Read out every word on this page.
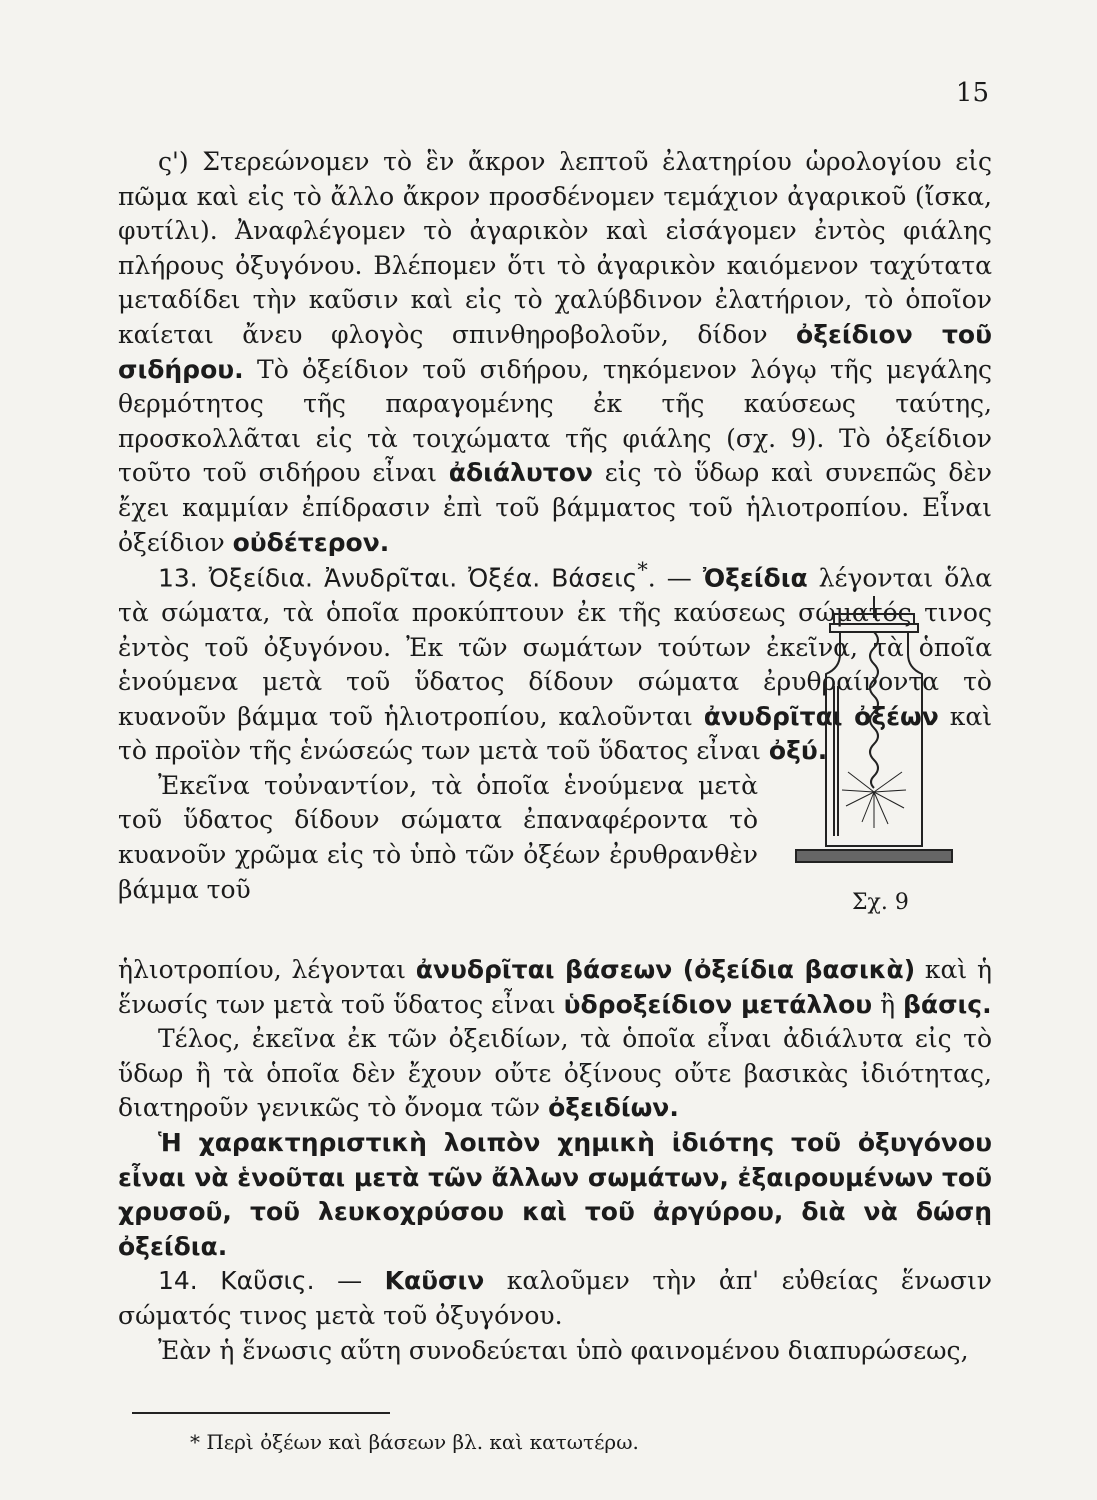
15

ς') Στερεώνομεν τὸ ἓν ἄκρον λεπτοῦ ἐλατηρίου ὡρολογίου εἰς πῶμα καὶ εἰς τὸ ἄλλο ἄκρον προσδένομεν τεμάχιον ἀγαρικοῦ (ἴσκα, φυτίλι). Ἀναφλέγομεν τὸ ἀγαρικὸν καὶ εἰσάγομεν ἐντὸς φιάλης πλήρους ὀξυγόνου. Βλέπομεν ὅτι τὸ ἀγαρικὸν καιόμενον ταχύτατα μεταδίδει τὴν καῦσιν καὶ εἰς τὸ χαλύβδινον ἐλατήριον, τὸ ὁποῖον καίεται ἄνευ φλογὸς σπινθηροβολοῦν, δίδον ὀξείδιον τοῦ σιδήρου. Τὸ ὀξείδιον τοῦ σιδήρου, τηκόμενον λόγῳ τῆς μεγάλης θερμότητος τῆς παραγομένης ἐκ τῆς καύσεως ταύτης, προσκολλᾶται εἰς τὰ τοιχώματα τῆς φιάλης (σχ. 9). Τὸ ὀξείδιον τοῦτο τοῦ σιδήρου εἶναι ἀδιάλυτον εἰς τὸ ὕδωρ καὶ συνεπῶς δὲν ἔχει καμμίαν ἐπίδρασιν ἐπὶ τοῦ βάμματος τοῦ ἡλιοτροπίου. Εἶναι ὀξείδιον οὐδέτερον.

13. Ὀξείδια. Ἀνυδρῖται. Ὀξέα. Βάσεις*. — Ὀξείδια λέγονται ὅλα τὰ σώματα, τὰ ὁποῖα προκύπτουν ἐκ τῆς καύσεως σώματός τινος ἐντὸς τοῦ ὀξυγόνου. Ἐκ τῶν σωμάτων τούτων ἐκεῖνα, τὰ ὁποῖα ἑνούμενα μετὰ τοῦ ὕδατος δίδουν σώματα ἐρυθραίνοντα τὸ κυανοῦν βάμμα τοῦ ἡλιοτροπίου, καλοῦνται ἀνυδρῖται ὀξέων καὶ τὸ προϊὸν τῆς ἑνώσεώς των μετὰ τοῦ ὕδατος εἶναι ὀξύ.

Ἐκεῖνα τοὐναντίον, τὰ ὁποῖα ἑνούμενα μετὰ τοῦ ὕδατος δίδουν σώματα ἐπαναφέροντα τὸ κυανοῦν χρῶμα εἰς τὸ ὑπὸ τῶν ὀξέων ἐρυθρανθὲν βάμμα τοῦ	Σχ. 9

ἡλιοτροπίου, λέγονται ἀνυδρῖται βάσεων (ὀξείδια βασικὰ) καὶ ἡ ἕνωσίς των μετὰ τοῦ ὕδατος εἶναι ὑδροξείδιον μετάλλου ἢ βάσις.

Τέλος, ἐκεῖνα ἐκ τῶν ὀξειδίων, τὰ ὁποῖα εἶναι ἀδιάλυτα εἰς τὸ ὕδωρ ἢ τὰ ὁποῖα δὲν ἔχουν οὔτε ὀξίνους οὔτε βασικὰς ἰδιότητας, διατηροῦν γενικῶς τὸ ὄνομα τῶν ὀξειδίων.

Ἡ χαρακτηριστικὴ λοιπὸν χημικὴ ἰδιότης τοῦ ὀξυγόνου εἶναι νὰ ἑνοῦται μετὰ τῶν ἄλλων σωμάτων, ἐξαιρουμένων τοῦ χρυσοῦ, τοῦ λευκοχρύσου καὶ τοῦ ἀργύρου, διὰ νὰ δώσῃ ὀξείδια.

14. Καῦσις. — Καῦσιν καλοῦμεν τὴν ἀπ' εὐθείας ἕνωσιν σώματός τινος μετὰ τοῦ ὀξυγόνου.

Ἐὰν ἡ ἕνωσις αὕτη συνοδεύεται ὑπὸ φαινομένου διαπυρώσεως,

* Περὶ ὀξέων καὶ βάσεων βλ. καὶ κατωτέρω.
